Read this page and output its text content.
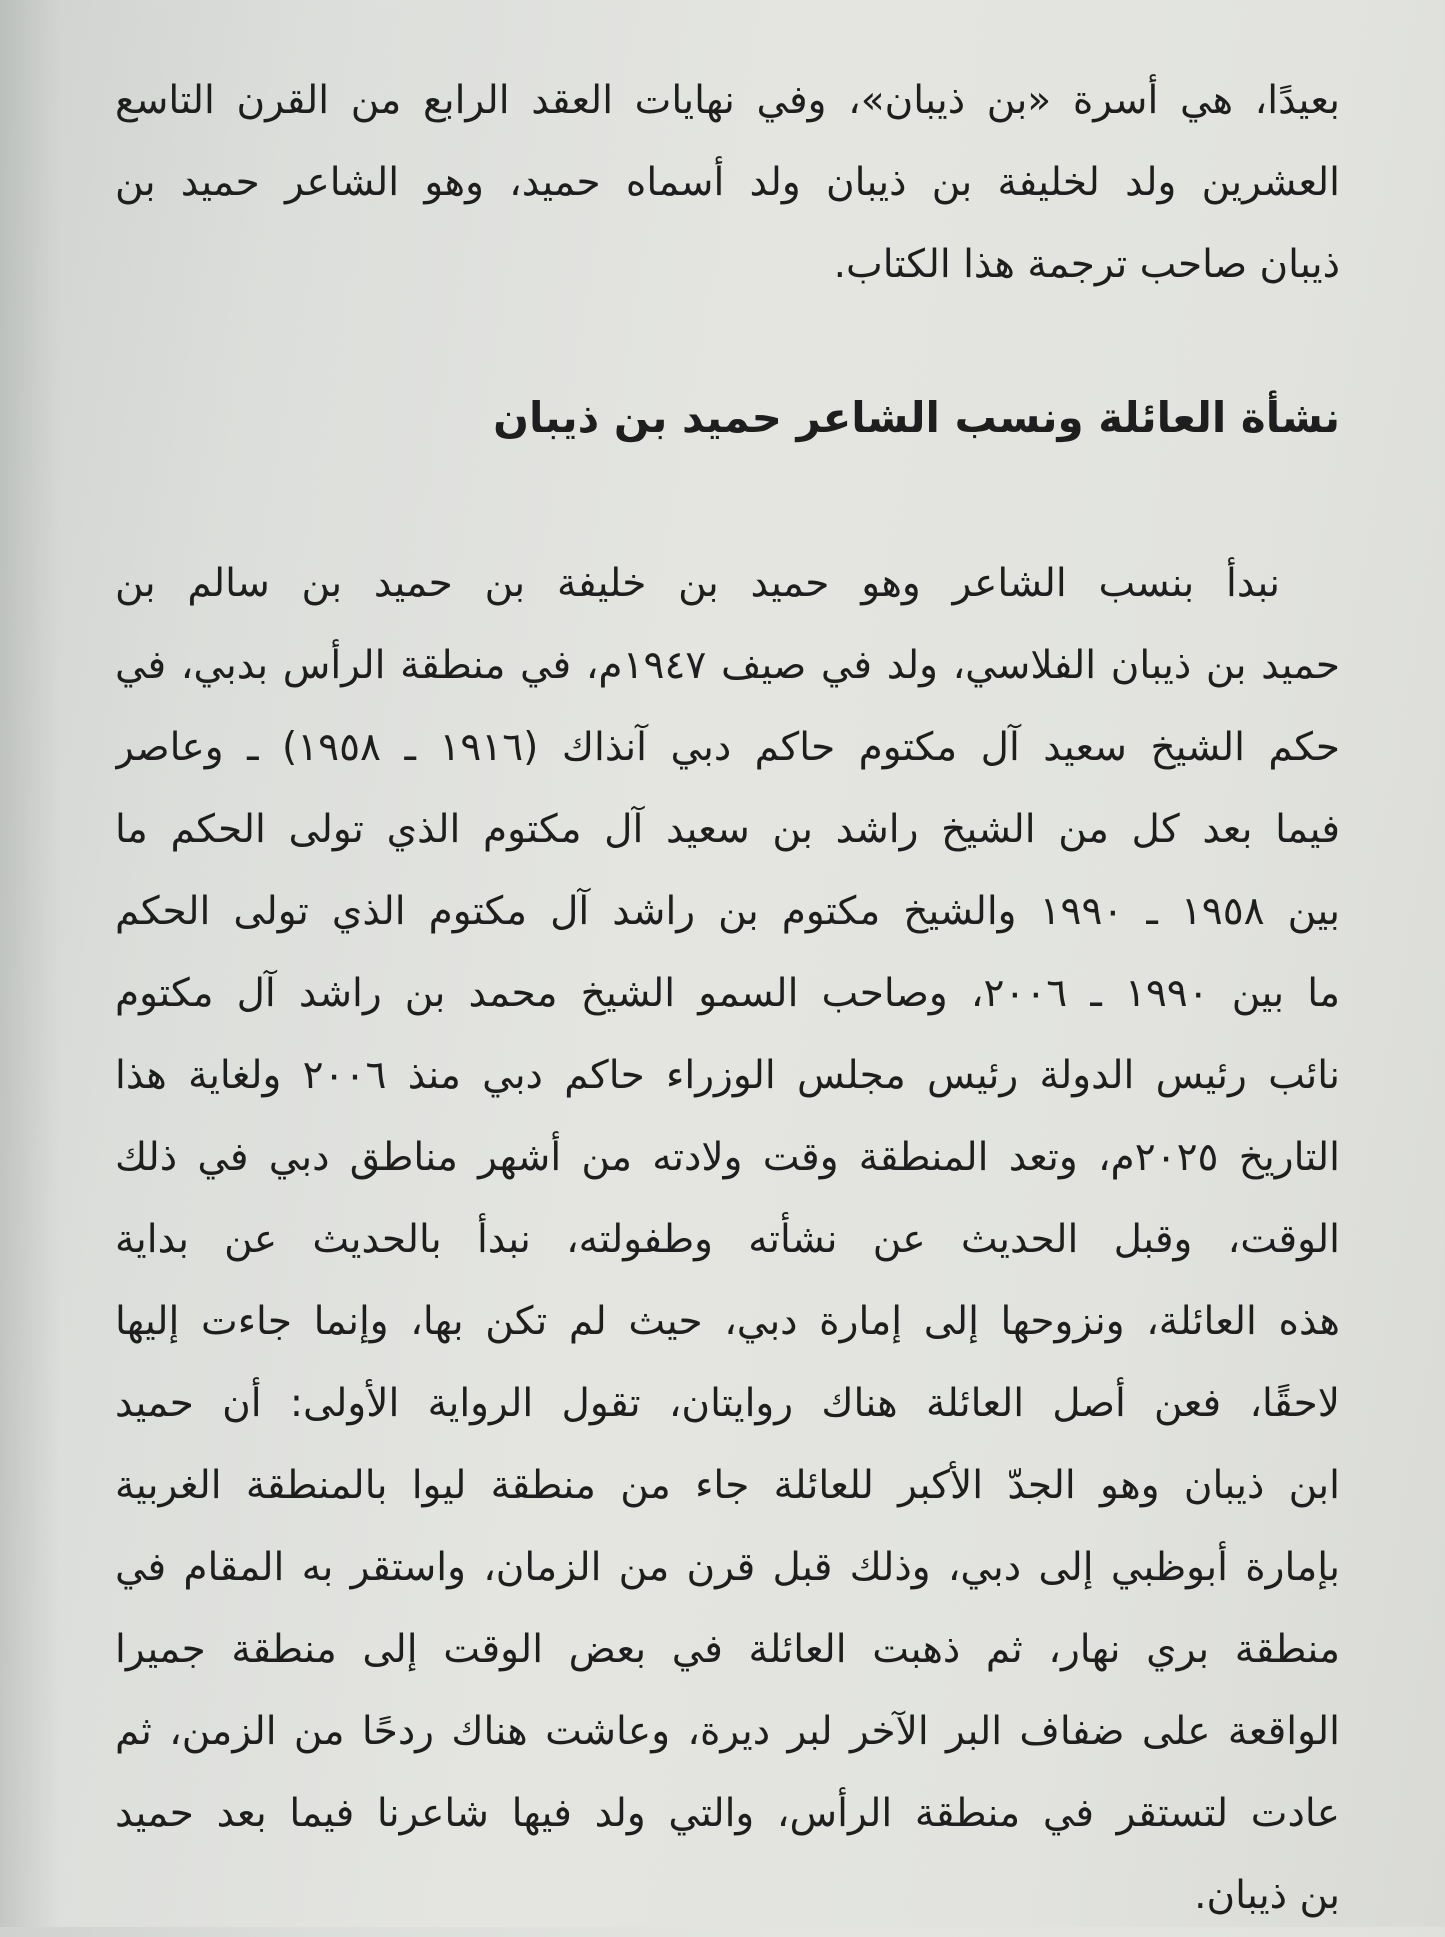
بعيدًا، هي أسرة «بن ذيبان»، وفي نهايات العقد الرابع من القرن التاسع
العشرين ولد لخليفة بن ذيبان ولد أسماه حميد، وهو الشاعر حميد بن
ذيبان صاحب ترجمة هذا الكتاب.
نشأة العائلة ونسب الشاعر حميد بن ذيبان
نبدأ بنسب الشاعر وهو حميد بن خليفة بن حميد بن سالم بن
حميد بن ذيبان الفلاسي، ولد في صيف ١٩٤٧م، في منطقة الرأس بدبي، في
حكم الشيخ سعيد آل مكتوم حاكم دبي آنذاك (١٩١٦ ـ ١٩٥٨) ـ وعاصر
فيما بعد كل من الشيخ راشد بن سعيد آل مكتوم الذي تولى الحكم ما
بين ١٩٥٨ ـ ١٩٩٠ والشيخ مكتوم بن راشد آل مكتوم الذي تولى الحكم
ما بين ١٩٩٠ ـ ٢٠٠٦، وصاحب السمو الشيخ محمد بن راشد آل مكتوم
نائب رئيس الدولة رئيس مجلس الوزراء حاكم دبي منذ ٢٠٠٦ ولغاية هذا
التاريخ ٢٠٢٥م، وتعد المنطقة وقت ولادته من أشهر مناطق دبي في ذلك
الوقت، وقبل الحديث عن نشأته وطفولته، نبدأ بالحديث عن بداية
هذه العائلة، ونزوحها إلى إمارة دبي، حيث لم تكن بها، وإنما جاءت إليها
لاحقًا، فعن أصل العائلة هناك روايتان، تقول الرواية الأولى: أن حميد
ابن ذيبان وهو الجدّ الأكبر للعائلة جاء من منطقة ليوا بالمنطقة الغربية
بإمارة أبوظبي إلى دبي، وذلك قبل قرن من الزمان، واستقر به المقام في
منطقة بري نهار، ثم ذهبت العائلة في بعض الوقت إلى منطقة جميرا
الواقعة على ضفاف البر الآخر لبر ديرة، وعاشت هناك ردحًا من الزمن، ثم
عادت لتستقر في منطقة الرأس، والتي ولد فيها شاعرنا فيما بعد حميد
بن ذيبان.
